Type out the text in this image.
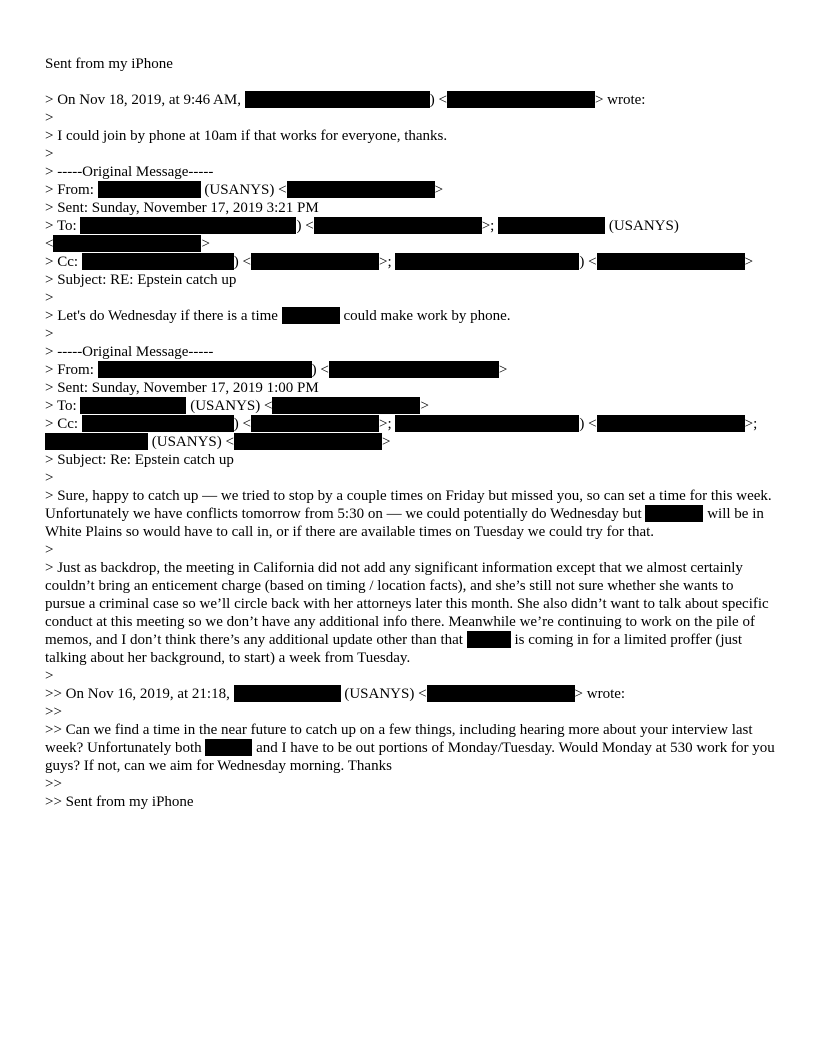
Sent from my iPhone
> On Nov 18, 2019, at 9:46 AM,	) <	> wrote:
>
> I could join by phone at 10am if that works for everyone, thanks.
>
> -----Original Message-----
> From:	(USANYS) <	>
> Sent: Sunday, November 17, 2019 3:21 PM
> To:	) <	>;	(USANYS)
<	>
> Cc:	) <	>;	) <	>
> Subject: RE: Epstein catch up
>
> Let's do Wednesday if there is a time	could make work by phone.
>
> -----Original Message-----
> From:	) <	>
> Sent: Sunday, November 17, 2019 1:00 PM
> To:	(USANYS) <	>
> Cc:	) <	>;	) <	>;
(USANYS) <	>
> Subject: Re: Epstein catch up
>
> Sure, happy to catch up — we tried to stop by a couple times on Friday but missed you, so can set a time for this week. Unfortunately we have conflicts tomorrow from 5:30 on — we could potentially do Wednesday but	will be in White Plains so would have to call in, or if there are available times on Tuesday we could try for that.
>
> Just as backdrop, the meeting in California did not add any significant information except that we almost certainly couldn’t bring an enticement charge (based on timing / location facts), and she’s still not sure whether she wants to pursue a criminal case so we’ll circle back with her attorneys later this month. She also didn’t want to talk about specific conduct at this meeting so we don’t have any additional info there. Meanwhile we’re continuing to work on the pile of memos, and I don’t think there’s any additional update other than that	is coming in for a limited proffer (just talking about her background, to start) a week from Tuesday.
>
>> On Nov 16, 2019, at 21:18,	(USANYS) <	> wrote:
>>
>> Can we find a time in the near future to catch up on a few things, including hearing more about your interview last week? Unfortunately both	and I have to be out portions of Monday/Tuesday. Would Monday at 530 work for you guys? If not, can we aim for Wednesday morning. Thanks
>>
>> Sent from my iPhone
